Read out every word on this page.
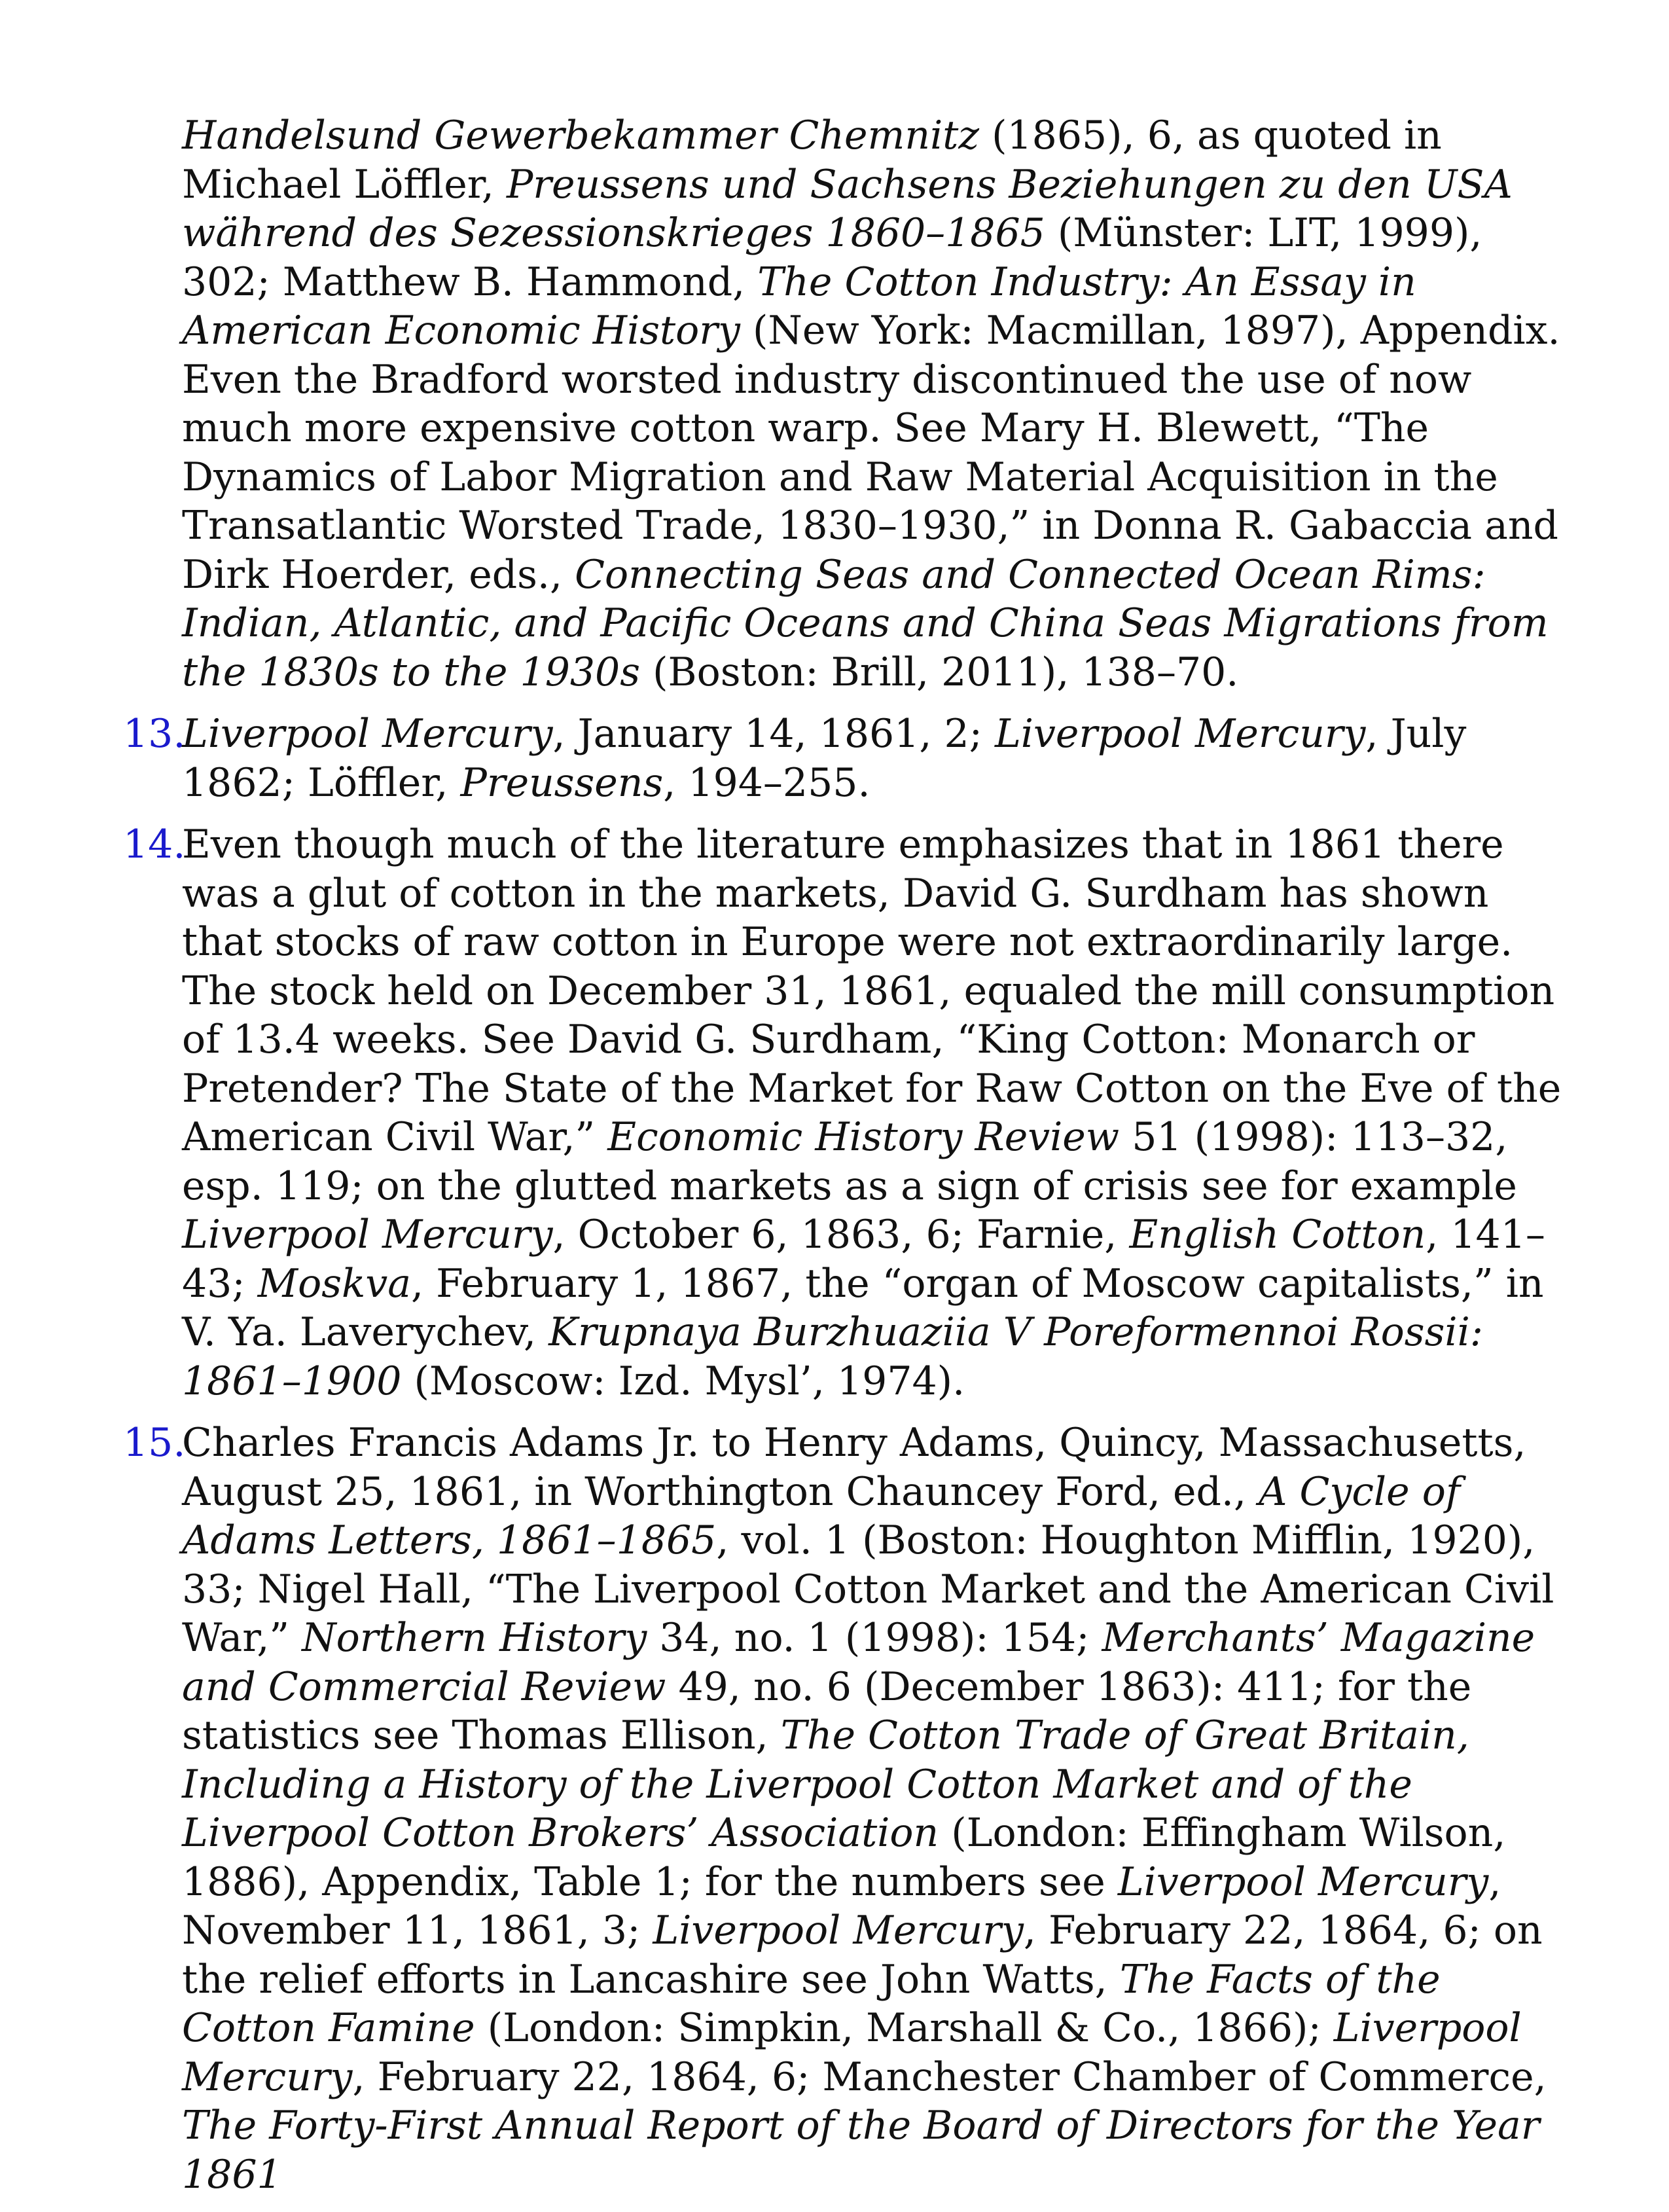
Handelsund Gewerbekammer Chemnitz (1865), 6, as quoted in Michael Löffler, Preussens und Sachsens Beziehungen zu den USA während des Sezessionskrieges 1860–1865 (Münster: LIT, 1999), 302; Matthew B. Hammond, The Cotton Industry: An Essay in American Economic History (New York: Macmillan, 1897), Appendix. Even the Bradford worsted industry discontinued the use of now much more expensive cotton warp. See Mary H. Blewett, “The Dynamics of Labor Migration and Raw Material Acquisition in the Transatlantic Worsted Trade, 1830–1930,” in Donna R. Gabaccia and Dirk Hoerder, eds., Connecting Seas and Connected Ocean Rims: Indian, Atlantic, and Pacific Oceans and China Seas Migrations from the 1830s to the 1930s (Boston: Brill, 2011), 138–70.
13.
Liverpool Mercury, January 14, 1861, 2; Liverpool Mercury, July 1862; Löffler, Preussens, 194–255.
14.
Even though much of the literature emphasizes that in 1861 there was a glut of cotton in the markets, David G. Surdham has shown that stocks of raw cotton in Europe were not extraordinarily large. The stock held on December 31, 1861, equaled the mill consumption of 13.4 weeks. See David G. Surdham, “King Cotton: Monarch or Pretender? The State of the Market for Raw Cotton on the Eve of the American Civil War,” Economic History Review 51 (1998): 113–32, esp. 119; on the glutted markets as a sign of crisis see for example Liverpool Mercury, October 6, 1863, 6; Farnie, English Cotton, 141–43; Moskva, February 1, 1867, the “organ of Moscow capitalists,” in V. Ya. Laverychev, Krupnaya Burzhuaziia V Poreformennoi Rossii: 1861–1900 (Moscow: Izd. Mysl’, 1974).
15.
Charles Francis Adams Jr. to Henry Adams, Quincy, Massachusetts, August 25, 1861, in Worthington Chauncey Ford, ed., A Cycle of Adams Letters, 1861–1865, vol. 1 (Boston: Houghton Mifflin, 1920), 33; Nigel Hall, “The Liverpool Cotton Market and the American Civil War,” Northern History 34, no. 1 (1998): 154; Merchants’ Magazine and Commercial Review 49, no. 6 (December 1863): 411; for the statistics see Thomas Ellison, The Cotton Trade of Great Britain, Including a History of the Liverpool Cotton Market and of the Liverpool Cotton Brokers’ Association (London: Effingham Wilson, 1886), Appendix, Table 1; for the numbers see Liverpool Mercury, November 11, 1861, 3; Liverpool Mercury, February 22, 1864, 6; on the relief efforts in Lancashire see John Watts, The Facts of the Cotton Famine (London: Simpkin, Marshall & Co., 1866); Liverpool Mercury, February 22, 1864, 6; Manchester Chamber of Commerce, The Forty-First Annual Report of the Board of Directors for the Year 1861
